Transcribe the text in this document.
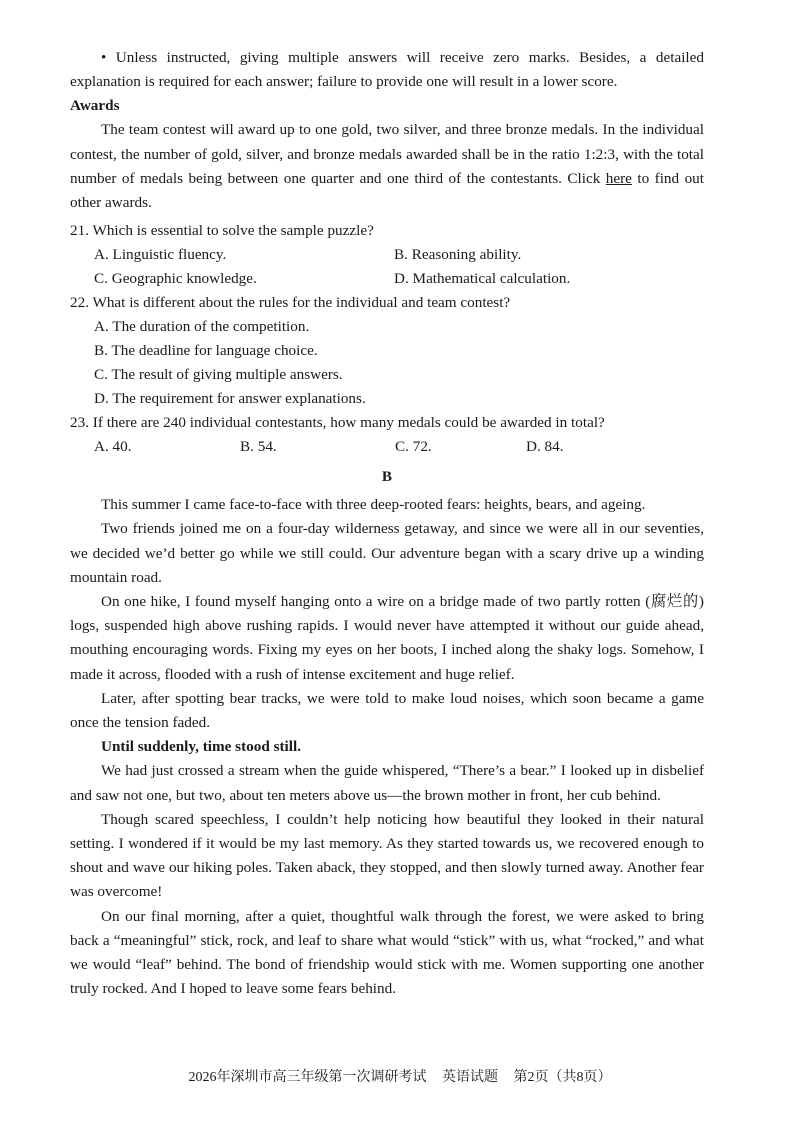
• Unless instructed, giving multiple answers will receive zero marks. Besides, a detailed explanation is required for each answer; failure to provide one will result in a lower score.

Awards

The team contest will award up to one gold, two silver, and three bronze medals. In the individual contest, the number of gold, silver, and bronze medals awarded shall be in the ratio 1:2:3, with the total number of medals being between one quarter and one third of the contestants. Click here to find out other awards.

21. Which is essential to solve the sample puzzle?
A. Linguistic fluency.	B. Reasoning ability.
C. Geographic knowledge.	D. Mathematical calculation.
22. What is different about the rules for the individual and team contest?
A. The duration of the competition.
B. The deadline for language choice.
C. The result of giving multiple answers.
D. The requirement for answer explanations.
23. If there are 240 individual contestants, how many medals could be awarded in total?
A. 40.	B. 54.	C. 72.	D. 84.
B

This summer I came face-to-face with three deep-rooted fears: heights, bears, and ageing.

Two friends joined me on a four-day wilderness getaway, and since we were all in our seventies, we decided we’d better go while we still could. Our adventure began with a scary drive up a winding mountain road.

On one hike, I found myself hanging onto a wire on a bridge made of two partly rotten (腐烂的) logs, suspended high above rushing rapids. I would never have attempted it without our guide ahead, mouthing encouraging words. Fixing my eyes on her boots, I inched along the shaky logs. Somehow, I made it across, flooded with a rush of intense excitement and huge relief.

Later, after spotting bear tracks, we were told to make loud noises, which soon became a game once the tension faded.

Until suddenly, time stood still.

We had just crossed a stream when the guide whispered, “There’s a bear.” I looked up in disbelief and saw not one, but two, about ten meters above us—the brown mother in front, her cub behind.

Though scared speechless, I couldn’t help noticing how beautiful they looked in their natural setting. I wondered if it would be my last memory. As they started towards us, we recovered enough to shout and wave our hiking poles. Taken aback, they stopped, and then slowly turned away. Another fear was overcome!

On our final morning, after a quiet, thoughtful walk through the forest, we were asked to bring back a “meaningful” stick, rock, and leaf to share what would “stick” with us, what “rocked,” and what we would “leaf” behind. The bond of friendship would stick with me. Women supporting one another truly rocked. And I hoped to leave some fears behind.

2026年深圳市高三年级第一次调研考试 英语试题 第2页（共8页）
